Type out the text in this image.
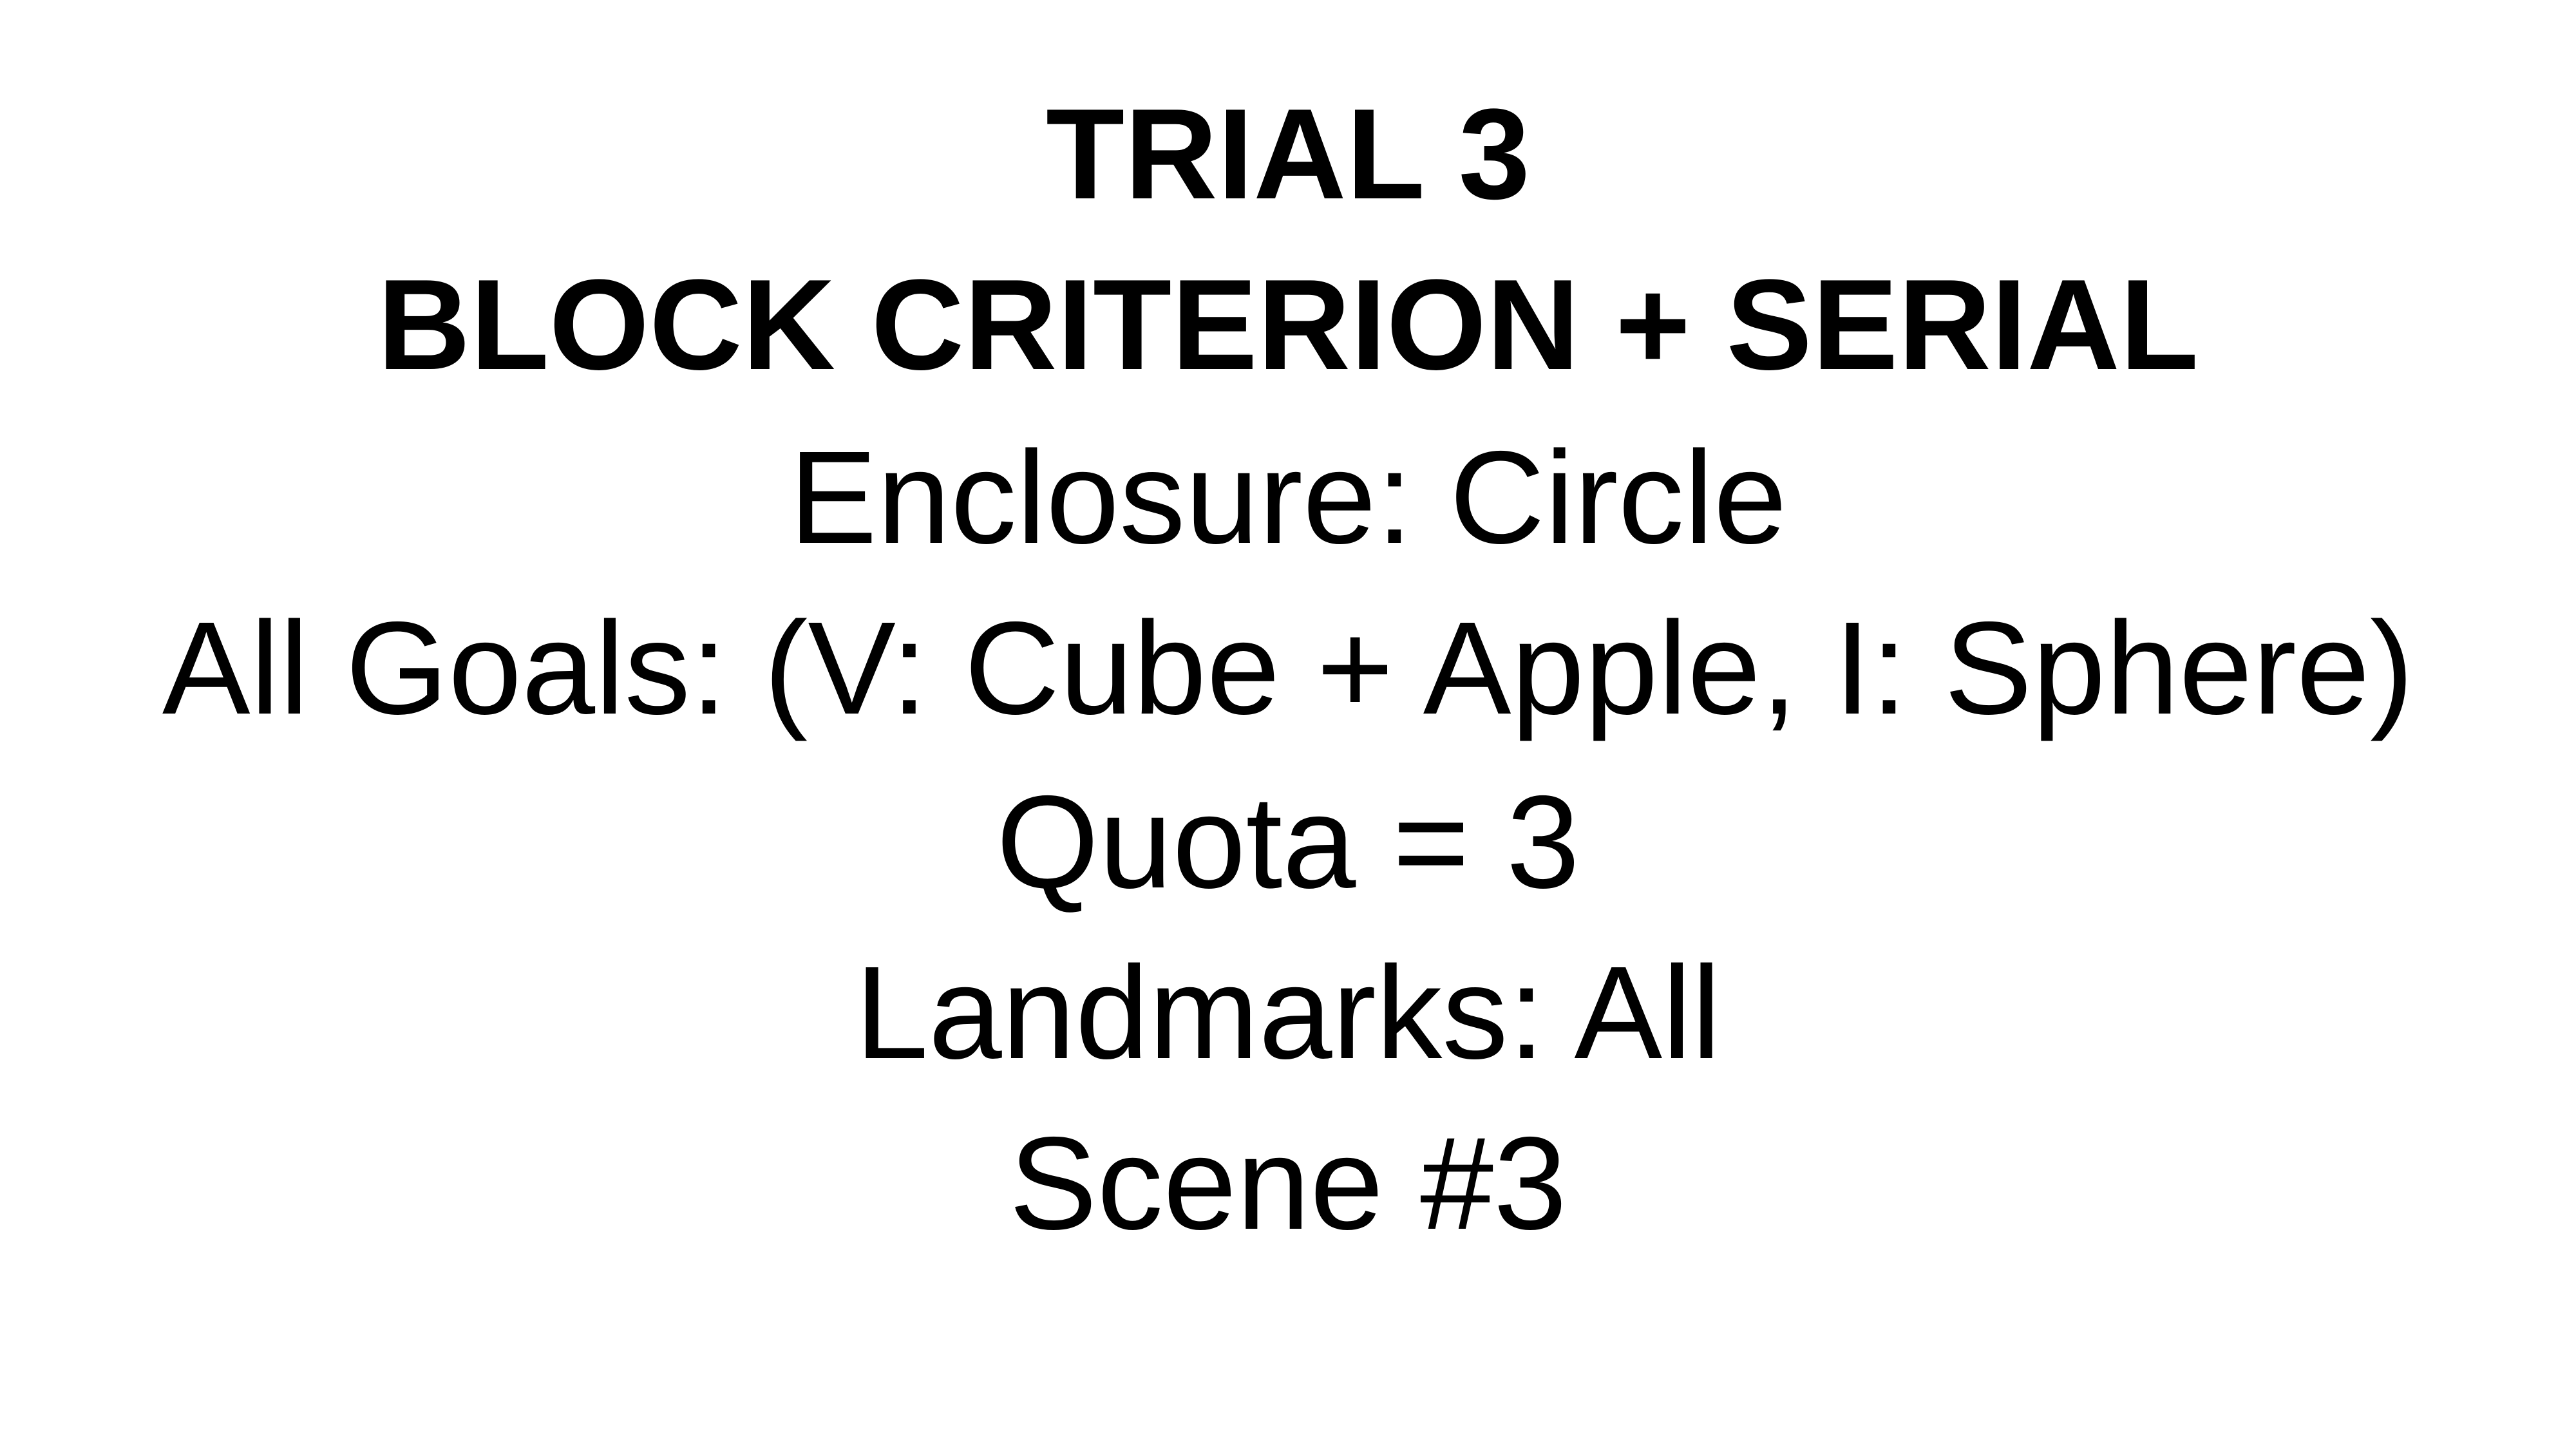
TRIAL 3
BLOCK CRITERION + SERIAL
Enclosure: Circle
All Goals: (V: Cube + Apple, I: Sphere)
Quota = 3
Landmarks: All
Scene #3
